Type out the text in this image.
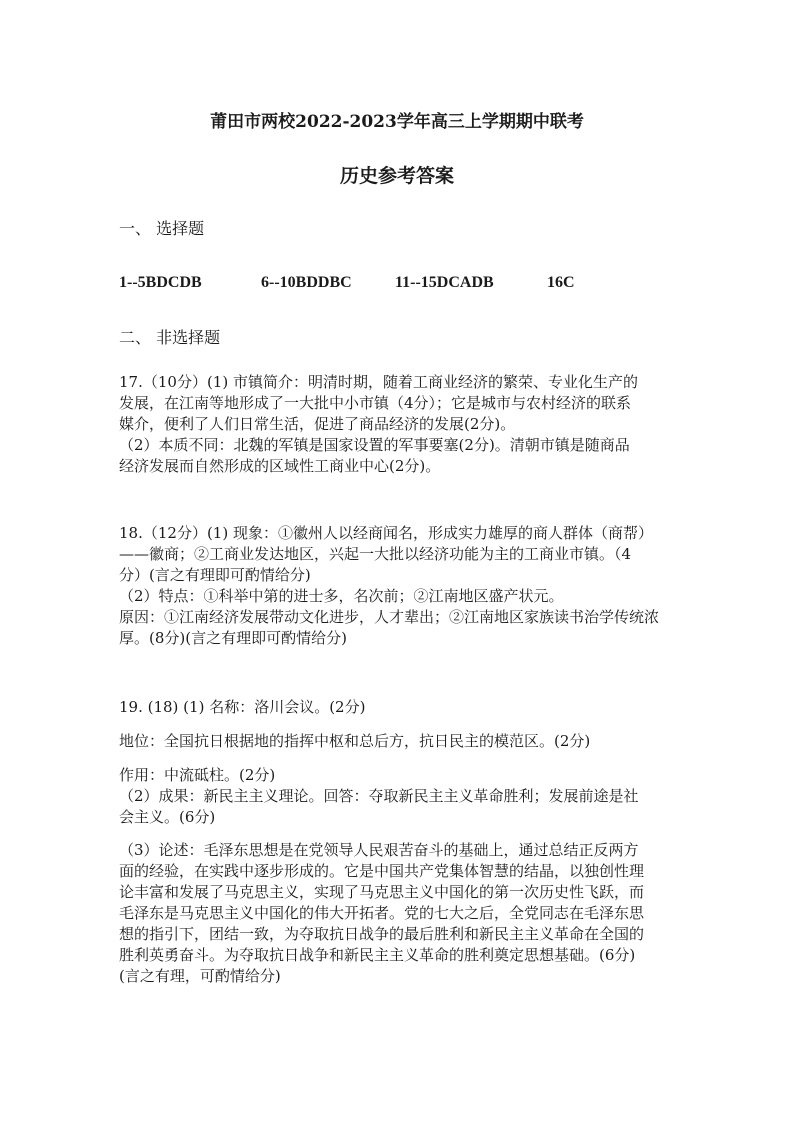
莆田市两校2022-2023学年高三上学期期中联考
历史参考答案
一、 选择题
1--5BDCDB	6--10BDDBC	11--15DCADB	16C
二、 非选择题
17.（10分）(1) 市镇简介：明清时期，随着工商业经济的繁荣、专业化生产的
发展，在江南等地形成了一大批中小市镇（4分）；它是城市与农村经济的联系
媒介，便利了人们日常生活，促进了商品经济的发展(2分)。
（2）本质不同：北魏的军镇是国家设置的军事要塞(2分)。清朝市镇是随商品
经济发展而自然形成的区域性工商业中心(2分)。
18.（12分）(1) 现象：①徽州人以经商闻名，形成实力雄厚的商人群体（商帮）
——徽商；②工商业发达地区，兴起一大批以经济功能为主的工商业市镇。（4
分）(言之有理即可酌情给分)
（2）特点：①科举中第的进士多，名次前；②江南地区盛产状元。
原因：①江南经济发展带动文化进步，人才辈出；②江南地区家族读书治学传统浓
厚。(8分)(言之有理即可酌情给分)
19. (18) (1) 名称：洛川会议。(2分)
地位：全国抗日根据地的指挥中枢和总后方，抗日民主的模范区。(2分)
作用：中流砥柱。(2分)
（2）成果：新民主主义理论。回答：夺取新民主主义革命胜利；发展前途是社
会主义。(6分)
（3）论述：毛泽东思想是在党领导人民艰苦奋斗的基础上，通过总结正反两方
面的经验，在实践中逐步形成的。它是中国共产党集体智慧的结晶，以独创性理
论丰富和发展了马克思主义，实现了马克思主义中国化的第一次历史性飞跃，而
毛泽东是马克思主义中国化的伟大开拓者。党的七大之后，全党同志在毛泽东思
想的指引下，团结一致，为夺取抗日战争的最后胜利和新民主主义革命在全国的
胜利英勇奋斗。为夺取抗日战争和新民主主义革命的胜利奠定思想基础。(6分)
(言之有理，可酌情给分)
